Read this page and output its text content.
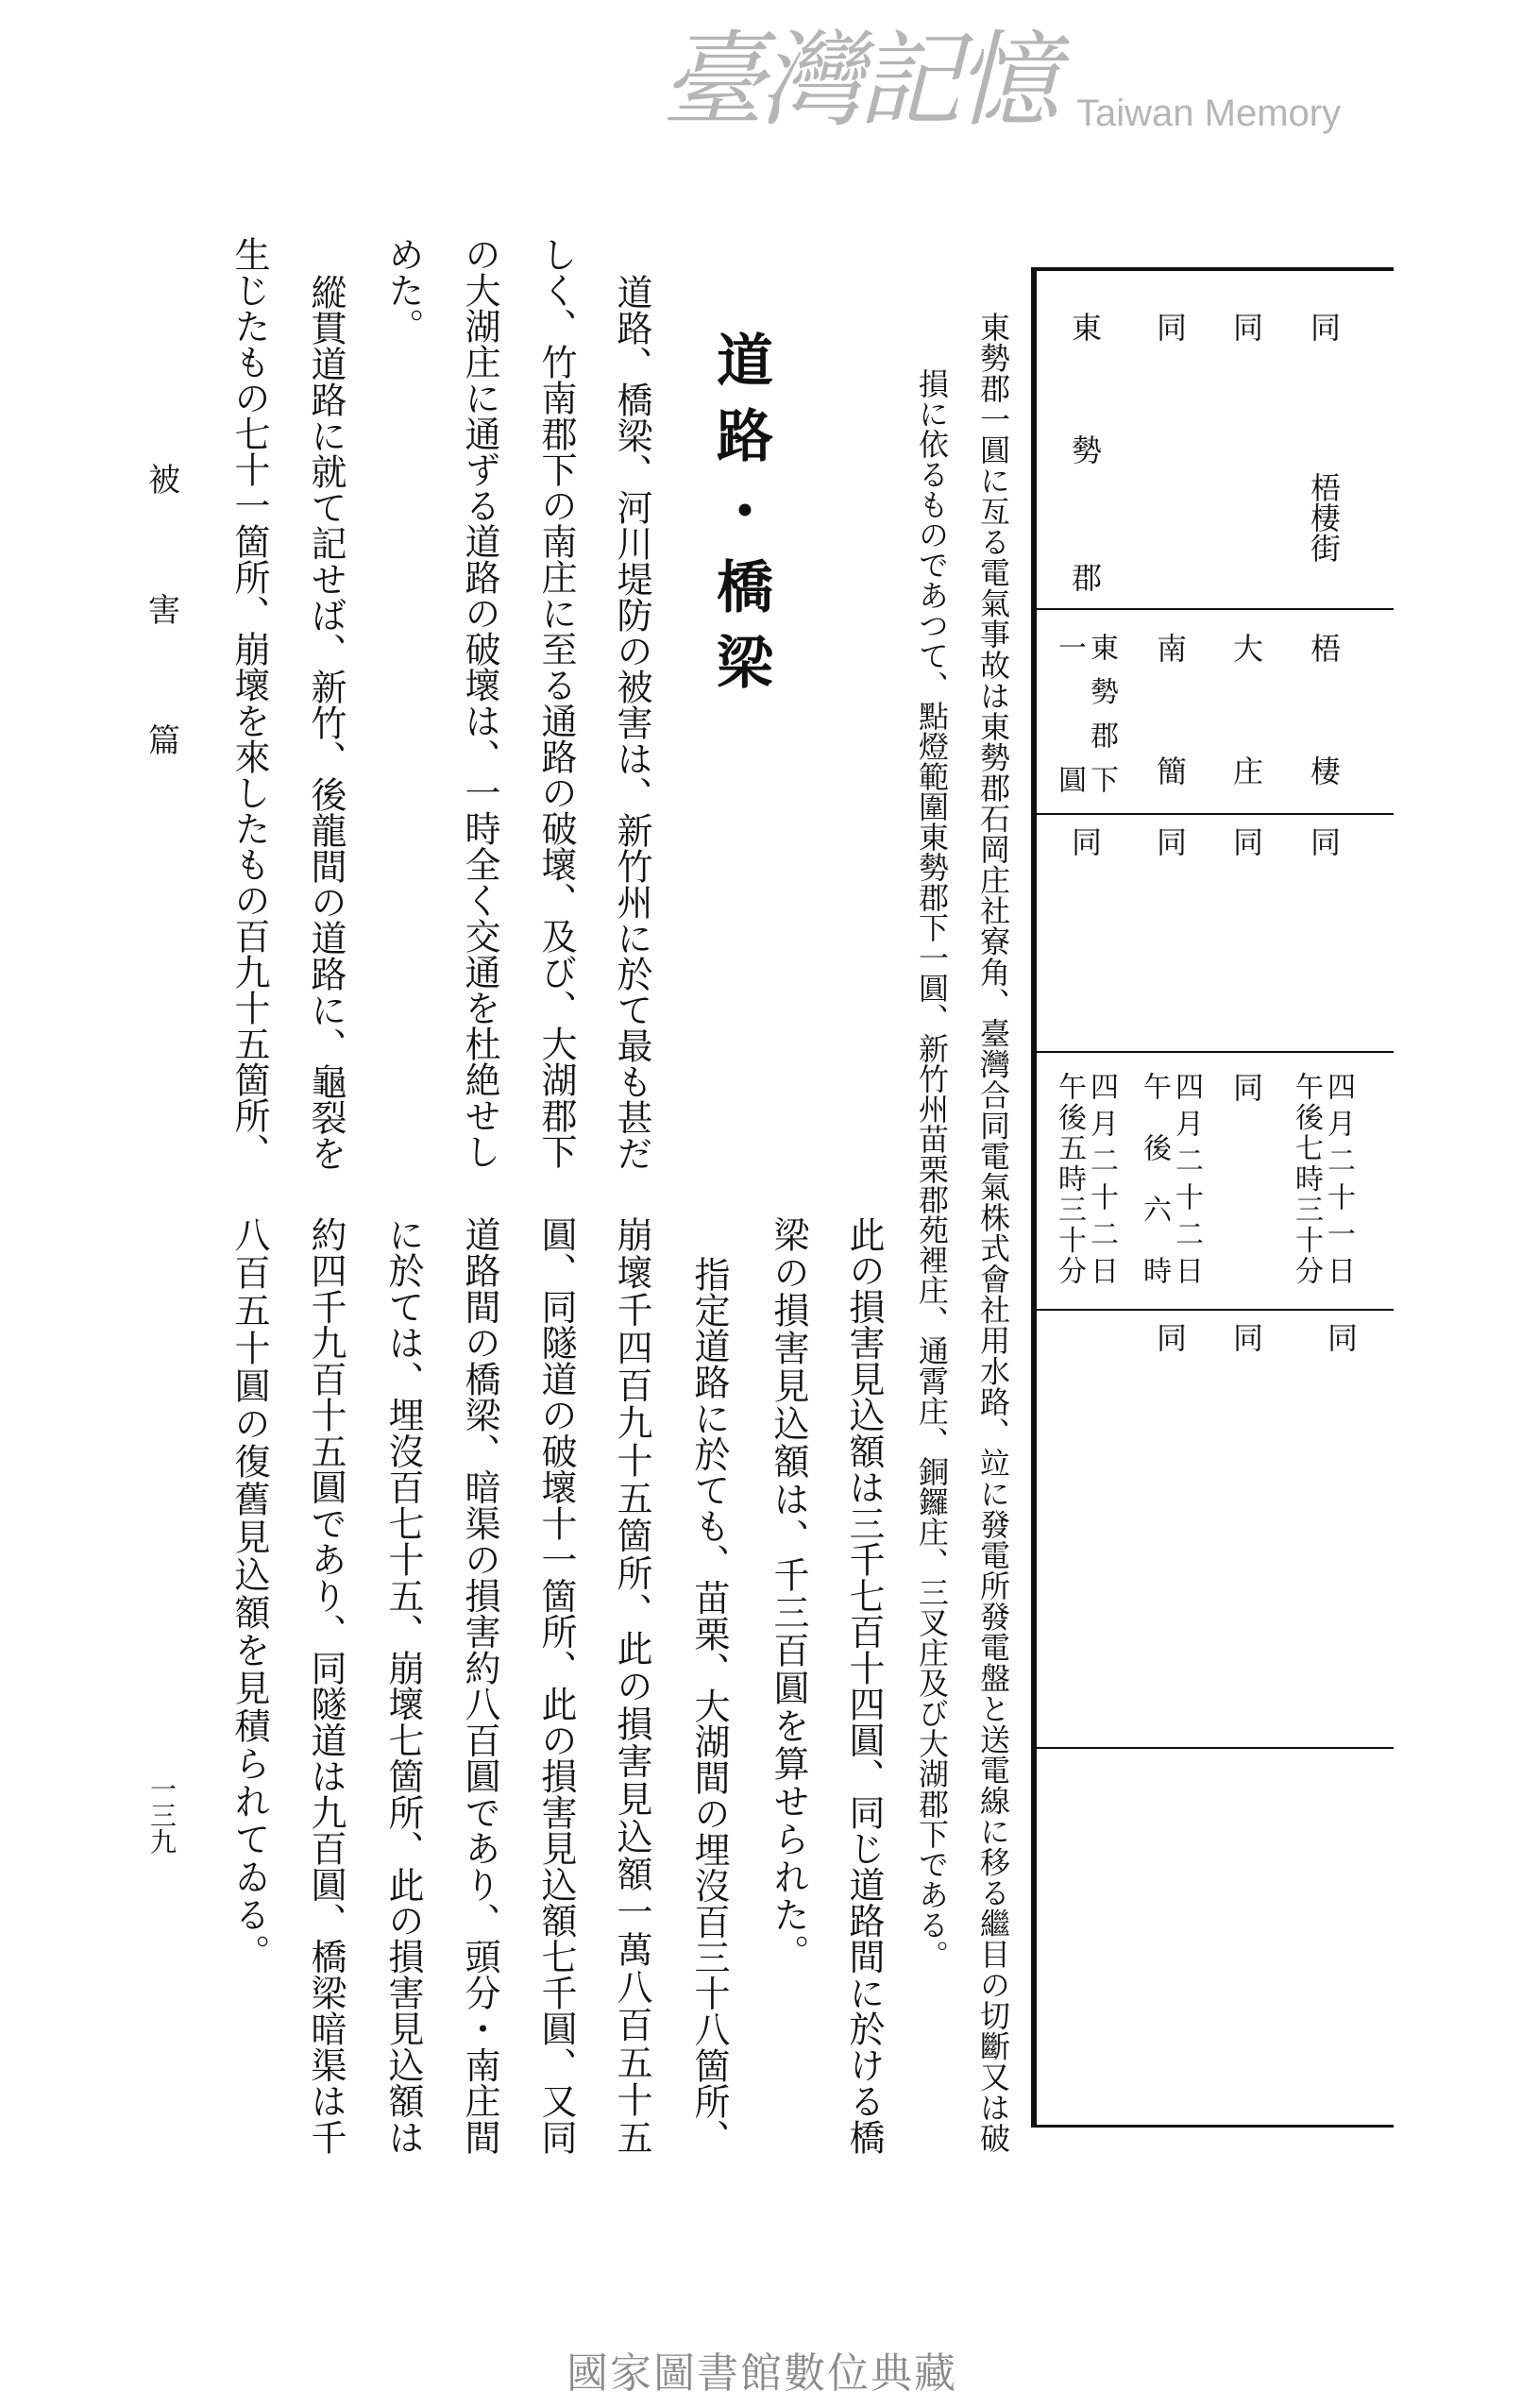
同
梧棲街
同
同
東
勢
郡
梧
棲
大
庄
南
簡
東勢郡下
一圓
同
同
同
同
四月二十一日
午後七時三十分
同
四月二十二日
午後六時
四月二十二日
午後五時三十分
同
同
同
東勢郡一圓に亙る電氣事故は東勢郡石岡庄社寮角、臺灣合同電氣株式會社用水路、竝に發電所發電盤と送電線に移る繼目の切斷又は破
損に依るものであつて、點燈範圍東勢郡下一圓、新竹州苗栗郡苑裡庄、通霄庄、銅鑼庄、三叉庄及び大湖郡下である。
道路・橋梁
此の損害見込額は三千七百十四圓、同じ道路間に於ける橋
梁の損害見込額は、千三百圓を算せられた。
道路、橋梁、河川堤防の被害は、新竹州に於て最も甚だ
しく、竹南郡下の南庄に至る通路の破壞、及び、大湖郡下
の大湖庄に通ずる道路の破壞は、一時全く交通を杜絶せし
めた。
縱貫道路に就て記せば、新竹、後龍間の道路に、龜裂を
生じたもの七十一箇所、崩壞を來したもの百九十五箇所、
指定道路に於ても、苗栗、大湖間の埋沒百三十八箇所、
崩壞千四百九十五箇所、此の損害見込額一萬八百五十五
圓、同隧道の破壞十一箇所、此の損害見込額七千圓、又同
道路間の橋梁、暗渠の損害約八百圓であり、頭分・南庄間
に於ては、埋沒百七十五、崩壞七箇所、此の損害見込額は
約四千九百十五圓であり、同隧道は九百圓、橋梁暗渠は千
八百五十圓の復舊見込額を見積られてゐる。
被害篇
一三九
臺灣記憶 Taiwan Memory
國家圖書館數位典藏
